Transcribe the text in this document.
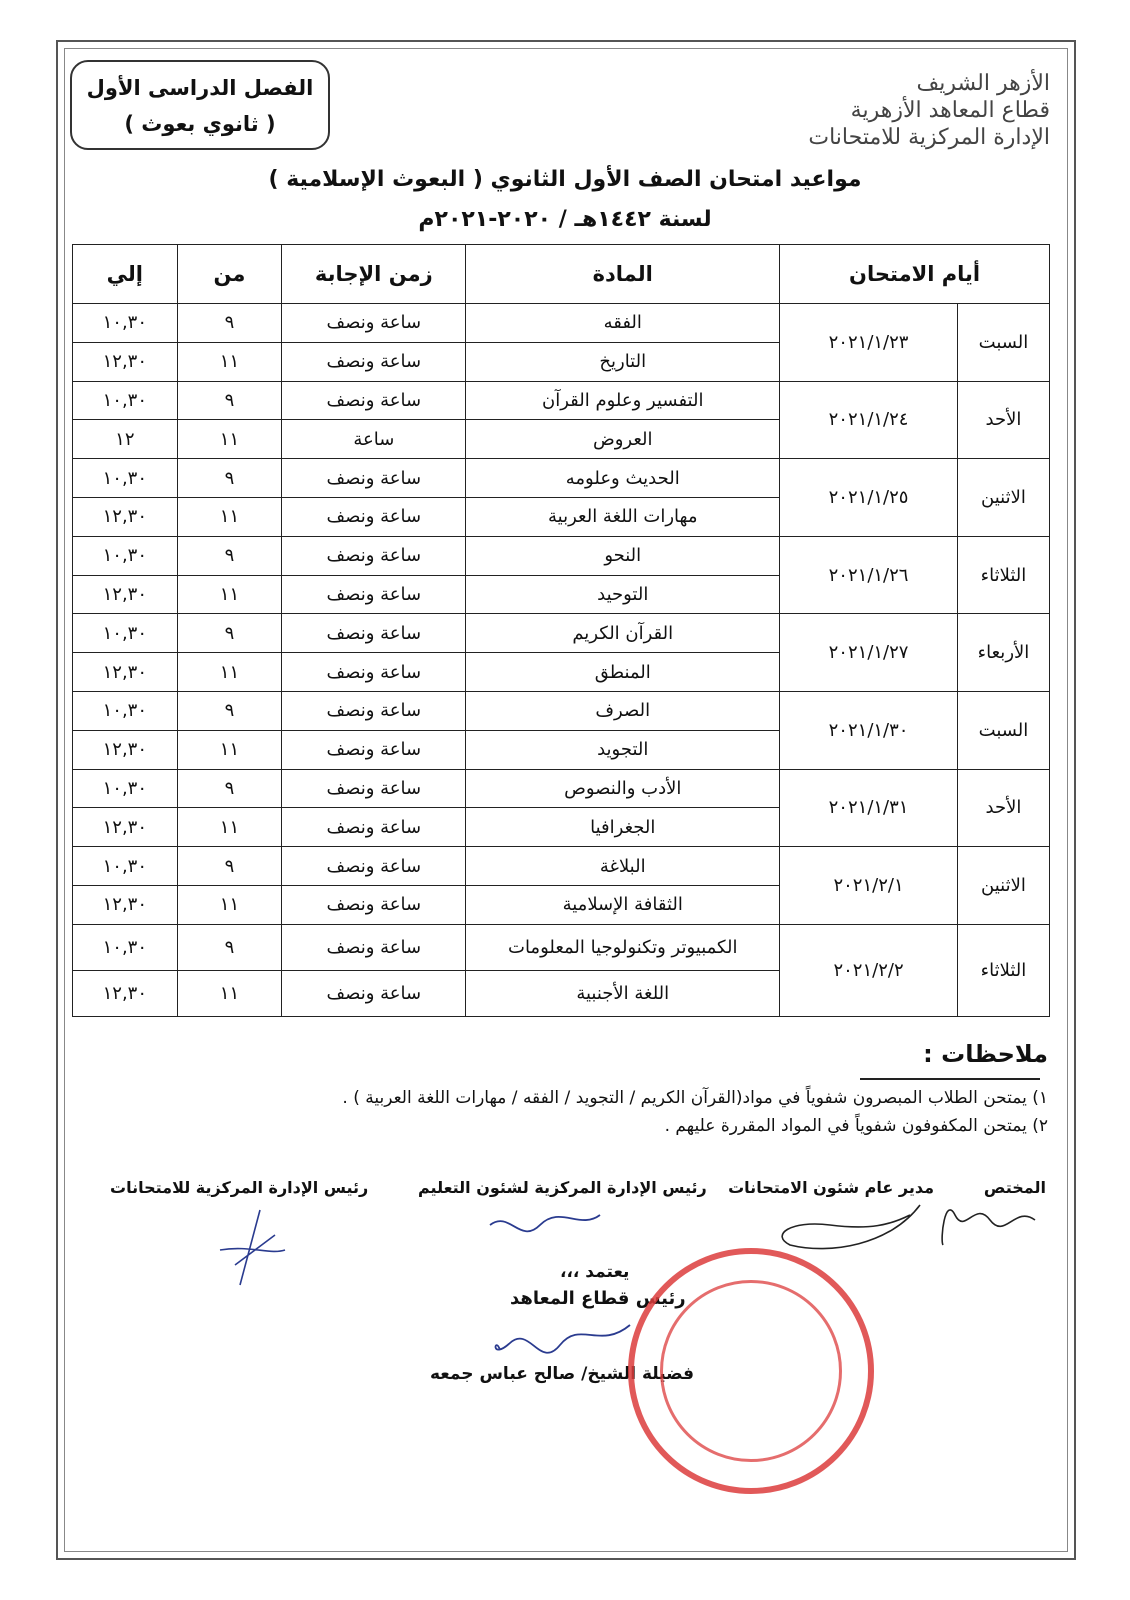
الأزهر الشريف
قطاع المعاهد الأزهرية
الإدارة المركزية للامتحانات
الفصل الدراسى الأول
( ثانوي بعوث )
مواعيد امتحان الصف الأول الثانوي ( البعوث الإسلامية )
لسنة ١٤٤٢هـ / ٢٠٢٠-٢٠٢١م
أيام الامتحان		المادة	زمن الإجابة	من	إلي
السبت	٢٠٢١/١/٢٣	الفقه	ساعة ونصف	٩	١٠,٣٠
		التاريخ	ساعة ونصف	١١	١٢,٣٠
الأحد	٢٠٢١/١/٢٤	التفسير وعلوم القرآن	ساعة ونصف	٩	١٠,٣٠
		العروض	ساعة	١١	١٢
الاثنين	٢٠٢١/١/٢٥	الحديث وعلومه	ساعة ونصف	٩	١٠,٣٠
		مهارات اللغة العربية	ساعة ونصف	١١	١٢,٣٠
الثلاثاء	٢٠٢١/١/٢٦	النحو	ساعة ونصف	٩	١٠,٣٠
		التوحيد	ساعة ونصف	١١	١٢,٣٠
الأربعاء	٢٠٢١/١/٢٧	القرآن الكريم	ساعة ونصف	٩	١٠,٣٠
		المنطق	ساعة ونصف	١١	١٢,٣٠
السبت	٢٠٢١/١/٣٠	الصرف	ساعة ونصف	٩	١٠,٣٠
		التجويد	ساعة ونصف	١١	١٢,٣٠
الأحد	٢٠٢١/١/٣١	الأدب والنصوص	ساعة ونصف	٩	١٠,٣٠
		الجغرافيا	ساعة ونصف	١١	١٢,٣٠
الاثنين	٢٠٢١/٢/١	البلاغة	ساعة ونصف	٩	١٠,٣٠
		الثقافة الإسلامية	ساعة ونصف	١١	١٢,٣٠
الثلاثاء	٢٠٢١/٢/٢	الكمبيوتر وتكنولوجيا المعلومات	ساعة ونصف	٩	١٠,٣٠
		اللغة الأجنبية	ساعة ونصف	١١	١٢,٣٠
ملاحظات :
١) يمتحن الطلاب المبصرون شفوياً في مواد(القرآن الكريم / التجويد / الفقه / مهارات اللغة العربية ) .
٢) يمتحن المكفوفون شفوياً في المواد المقررة عليهم .
المختص
مدير عام شئون الامتحانات
رئيس الإدارة المركزية لشئون التعليم
رئيس الإدارة المركزية للامتحانات
يعتمد ،،،
رئيس قطاع المعاهد
فضيلة الشيخ/ صالح عباس جمعه
